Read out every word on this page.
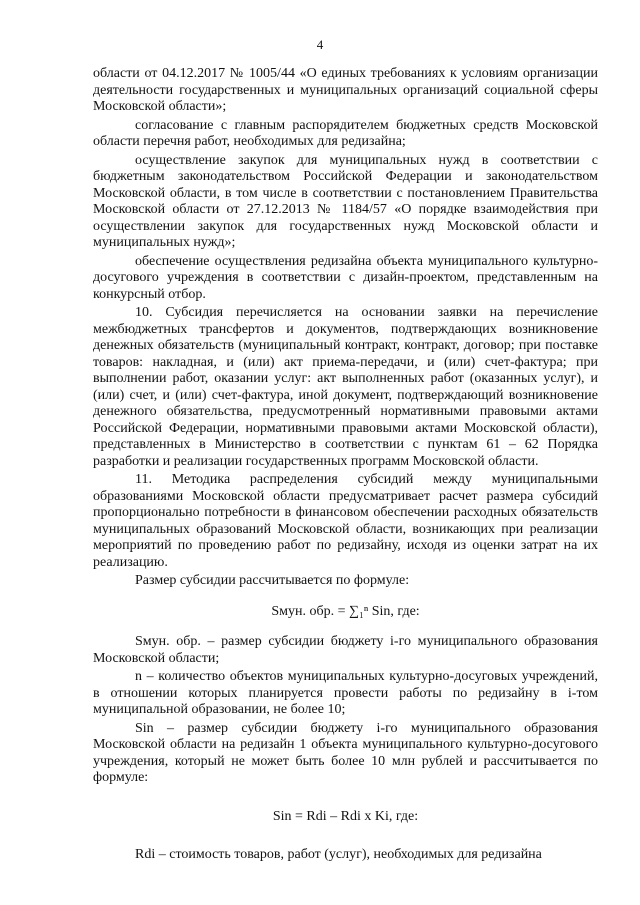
4

области от 04.12.2017 № 1005/44 «О единых требованиях к условиям организации деятельности государственных и муниципальных организаций социальной сферы Московской области»;

согласование с главным распорядителем бюджетных средств Московской области перечня работ, необходимых для редизайна;

осуществление закупок для муниципальных нужд в соответствии с бюджетным законодательством Российской Федерации и законодательством Московской области, в том числе в соответствии с постановлением Правительства Московской области от 27.12.2013 № 1184/57 «О порядке взаимодействия при осуществлении закупок для государственных нужд Московской области и муниципальных нужд»;

обеспечение осуществления редизайна объекта муниципального культурно-досугового учреждения в соответствии с дизайн-проектом, представленным на конкурсный отбор.

10. Субсидия перечисляется на основании заявки на перечисление межбюджетных трансфертов и документов, подтверждающих возникновение денежных обязательств (муниципальный контракт, контракт, договор; при поставке товаров: накладная, и (или) акт приема-передачи, и (или) счет-фактура; при выполнении работ, оказании услуг: акт выполненных работ (оказанных услуг), и (или) счет, и (или) счет-фактура, иной документ, подтверждающий возникновение денежного обязательства, предусмотренный нормативными правовыми актами Российской Федерации, нормативными правовыми актами Московской области), представленных в Министерство в соответствии с пунктам 61 – 62 Порядка разработки и реализации государственных программ Московской области.

11. Методика распределения субсидий между муниципальными образованиями Московской области предусматривает расчет размера субсидий пропорционально потребности в финансовом обеспечении расходных обязательств муниципальных образований Московской области, возникающих при реализации мероприятий по проведению работ по редизайну, исходя из оценки затрат на их реализацию.

Размер субсидии рассчитывается по формуле:

Sмун. обр. = ∑₁ⁿ Sin, где:

Sмун. обр. – размер субсидии бюджету i-го муниципального образования Московской области;

n – количество объектов муниципальных культурно-досуговых учреждений, в отношении которых планируется провести работы по редизайну в i-том муниципальной образовании, не более 10;

Sin – размер субсидии бюджету i-го муниципального образования Московской области на редизайн 1 объекта муниципального культурно-досугового учреждения, который не может быть более 10 млн рублей и рассчитывается по формуле:

Sin = Rdi – Rdi x Ki, где:

Rdi – стоимость товаров, работ (услуг), необходимых для редизайна
